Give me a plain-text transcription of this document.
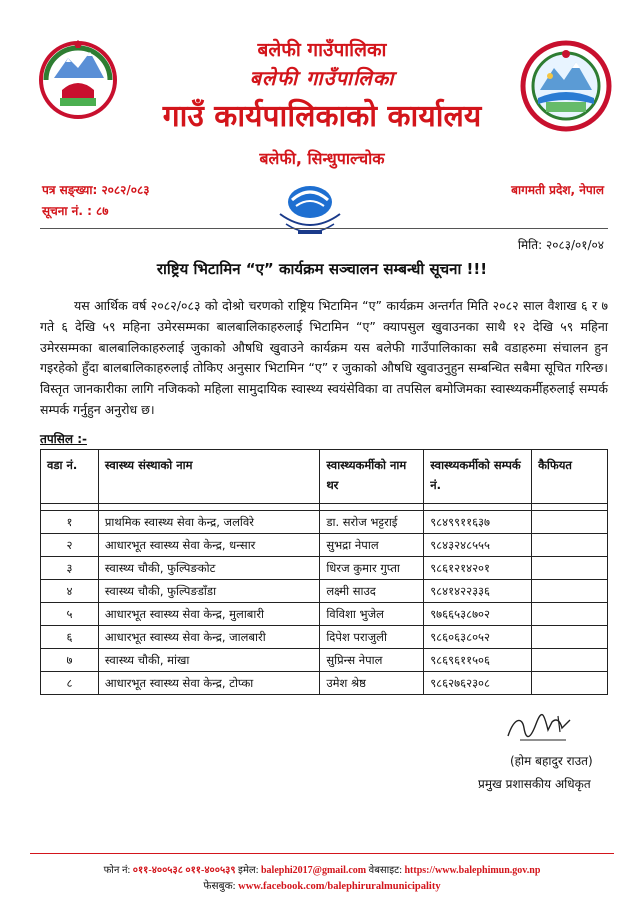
बलेफी गाउँपालिका
बलेफी गाउँपालिका
गाउँ कार्यपालिकाको कार्यालय
बलेफी, सिन्धुपाल्चोक
पत्र सङ्ख्या: २०८२/०८३
सूचना नं. : ८७
बागमती प्रदेश, नेपाल
मिति: २०८३/०१/०४
राष्ट्रिय भिटामिन “ए” कार्यक्रम सञ्चालन सम्बन्धी सूचना !!!
यस आर्थिक वर्ष २०८२/०८३ को दोश्रो चरणको राष्ट्रिय भिटामिन “ए” कार्यक्रम अन्तर्गत मिति २०८२ साल वैशाख ६ र ७ गते ६ देखि ५९ महिना उमेरसम्मका बालबालिकाहरुलाई भिटामिन “ए” क्यापसुल खुवाउनका साथै १२ देखि ५९ महिना उमेरसम्मका बालबालिकाहरुलाई जुकाको औषधि खुवाउने कार्यक्रम यस बलेफी गाउँपालिकाका सबै वडाहरुमा संचालन हुन गइरहेको हुँदा बालबालिकाहरुलाई तोकिए अनुसार भिटामिन “ए” र जुकाको औषधि खुवाउनुहुन सम्बन्धित सबैमा सूचित गरिन्छ। विस्तृत जानकारीका लागि नजिकको महिला सामुदायिक स्वास्थ्य स्वयंसेविका वा तपसिल बमोजिमका स्वास्थ्यकर्मीहरुलाई सम्पर्क सम्पर्क गर्नुहुन अनुरोध छ।
तपसिल :-
वडा नं.	स्वास्थ्य संस्थाको नाम	स्वास्थ्यकर्मीको नाम थर	स्वास्थ्यकर्मीको सम्पर्क नं.	कैफियत

१	प्राथमिक स्वास्थ्य सेवा केन्द्र, जलविरे	डा. सरोज भट्टराई	९८४९९११६३७	
२	आधारभूत स्वास्थ्य सेवा केन्द्र, धन्सार	सुभद्रा नेपाल	९८४३२४८५५५	
३	स्वास्थ्य चौकी, फुल्पिङकोट	धिरज कुमार गुप्ता	९८६१२१४२०१	
४	स्वास्थ्य चौकी, फुल्पिङडाँडा	लक्ष्मी साउद	९८४१४२२३३६	
५	आधारभूत स्वास्थ्य सेवा केन्द्र, मुलाबारी	विविशा भुजेल	९७६६५३८७०२	
६	आधारभूत स्वास्थ्य सेवा केन्द्र, जालबारी	दिपेश पराजुली	९८६०६३८०५२	
७	स्वास्थ्य चौकी, मांखा	सुप्रिन्स नेपाल	९८६९६११५०६	
८	आधारभूत स्वास्थ्य सेवा केन्द्र, टोप्का	उमेश श्रेष्ठ	९८६२७६२३०८	
(होम बहादुर राउत)
प्रमुख प्रशासकीय अधिकृत
फोन नं: ०११-४००५३८ ०११-४००५३९ इमेल: balephi2017@gmail.com वेबसाइट: https://www.balephimun.gov.np
फेसबुक: www.facebook.com/balephiruralmunicipality
